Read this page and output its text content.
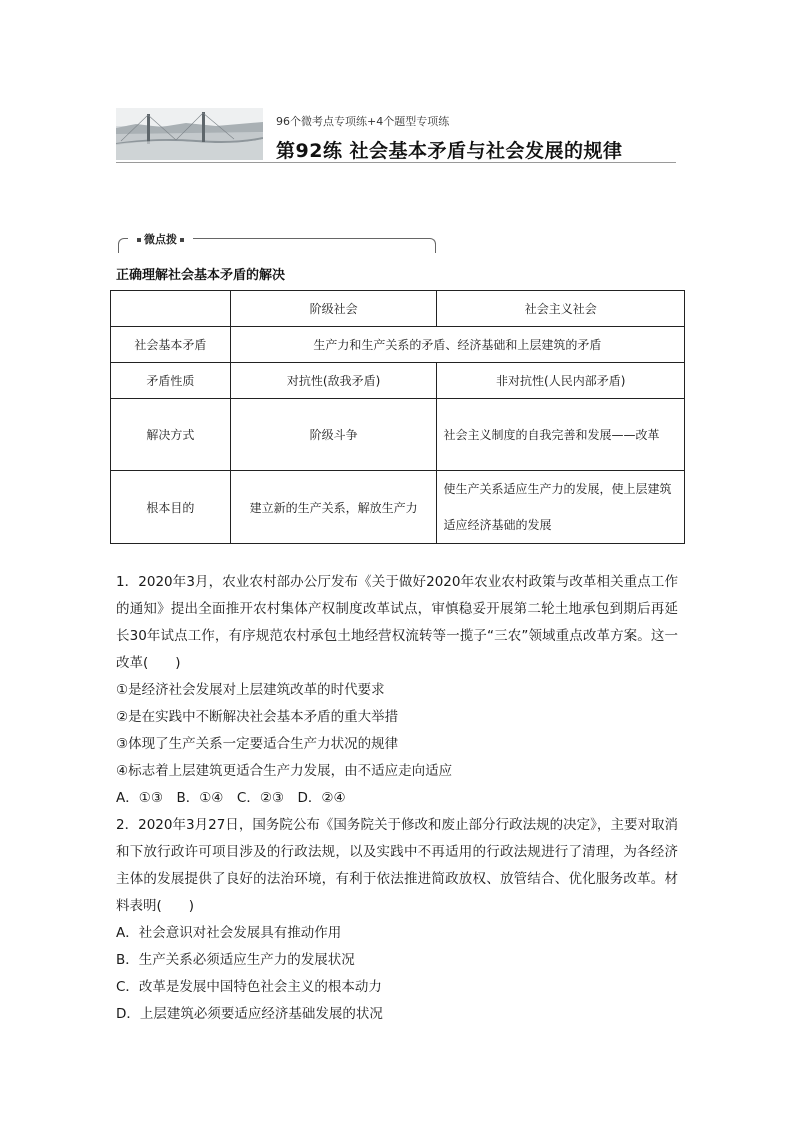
96个微考点专项练+4个题型专项练
第92练 社会基本矛盾与社会发展的规律
微点拨
正确理解社会基本矛盾的解决
	阶级社会	社会主义社会
社会基本矛盾	生产力和生产关系的矛盾、经济基础和上层建筑的矛盾	
矛盾性质	对抗性(敌我矛盾)	非对抗性(人民内部矛盾)
解决方式	阶级斗争	社会主义制度的自我完善和发展——改革
根本目的	建立新的生产关系，解放生产力	使生产关系适应生产力的发展，使上层建筑适应经济基础的发展

1．2020年3月，农业农村部办公厅发布《关于做好2020年农业农村政策与改革相关重点工作的通知》提出全面推开农村集体产权制度改革试点，审慎稳妥开展第二轮土地承包到期后再延长30年试点工作，有序规范农村承包土地经营权流转等一揽子“三农”领域重点改革方案。这一改革(　　)

①是经济社会发展对上层建筑改革的时代要求

②是在实践中不断解决社会基本矛盾的重大举措

③体现了生产关系一定要适合生产力状况的规律

④标志着上层建筑更适合生产力发展，由不适应走向适应

A．①③　B．①④　C．②③　D．②④

2．2020年3月27日，国务院公布《国务院关于修改和废止部分行政法规的决定》，主要对取消和下放行政许可项目涉及的行政法规，以及实践中不再适用的行政法规进行了清理，为各经济主体的发展提供了良好的法治环境，有利于依法推进简政放权、放管结合、优化服务改革。材料表明(　　)

A．社会意识对社会发展具有推动作用

B．生产关系必须适应生产力的发展状况

C．改革是发展中国特色社会主义的根本动力

D．上层建筑必须要适应经济基础发展的状况
